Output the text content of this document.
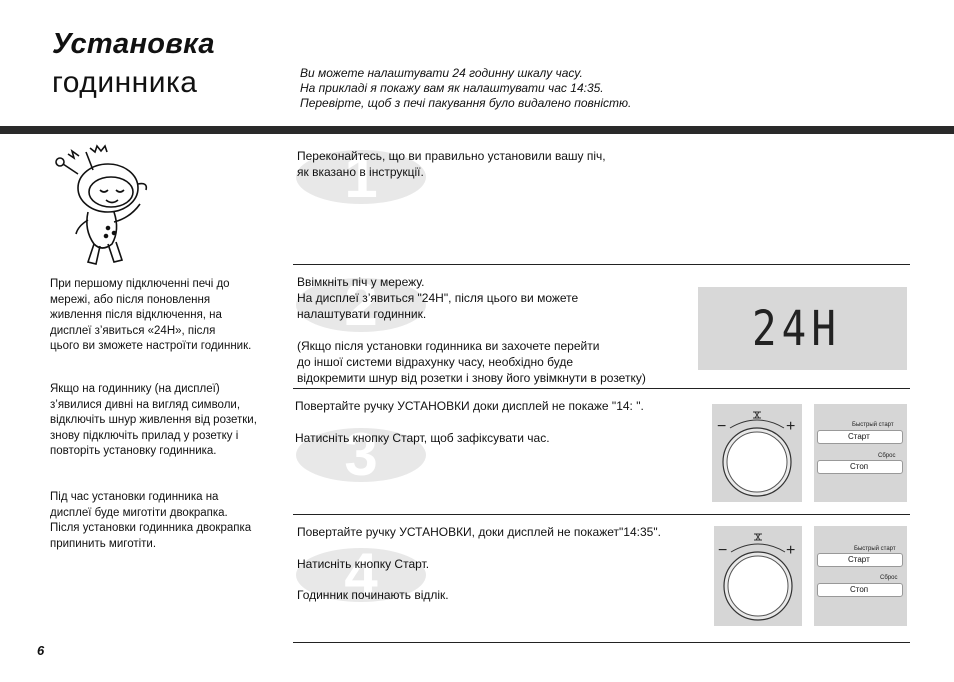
Установка
годинника	Ви можете налаштувати 24 годинну шкалу часу.
На прикладі я покажу вам як налаштувати час 14:35.
Перевірте, щоб з печі пакування було видалено повністю.
При першому підключенні печі до
мережі, або після поновлення
живлення після відключення, на
дисплеї з’явиться «24H», після
цього ви зможете настроїти годинник.
Якщо на годиннику (на дисплеї)
з’явилися дивні на вигляд символи,
відключіть шнур живлення від розетки,
знову підключіть прилад у розетку і
повторіть установку годинника.
Під час установки годинника на
дисплеї буде миготіти двокрапка.
Після установки годинника двокрапка
припинить миготіти.
1
Переконайтесь, що ви правильно установили вашу піч,
як вказано в інструкції.
2
Ввімкніть піч у мережу.
На дисплеї з’явиться "24H", після цього ви можете
налаштувати годинник.
(Якщо після установки годинника ви захочете перейти
до іншої системи відрахунку часу, необхідно буде
відокремити шнур від розетки і знову його увімкнути в розетку)
24H
3
Повертайте ручку УСТАНОВКИ доки дисплей не покаже "14: ".
Натисніть кнопку Старт, щоб зафіксувати час.
−	+	Быстрый старт
Старт
Сброс
Стоп
4
Повертайте ручку УСТАНОВКИ, доки дисплей не покажет"14:35".
Натисніть кнопку Старт.
Годинник починають відлік.
−	+	Быстрый старт
Старт
Сброс
Стоп
6
